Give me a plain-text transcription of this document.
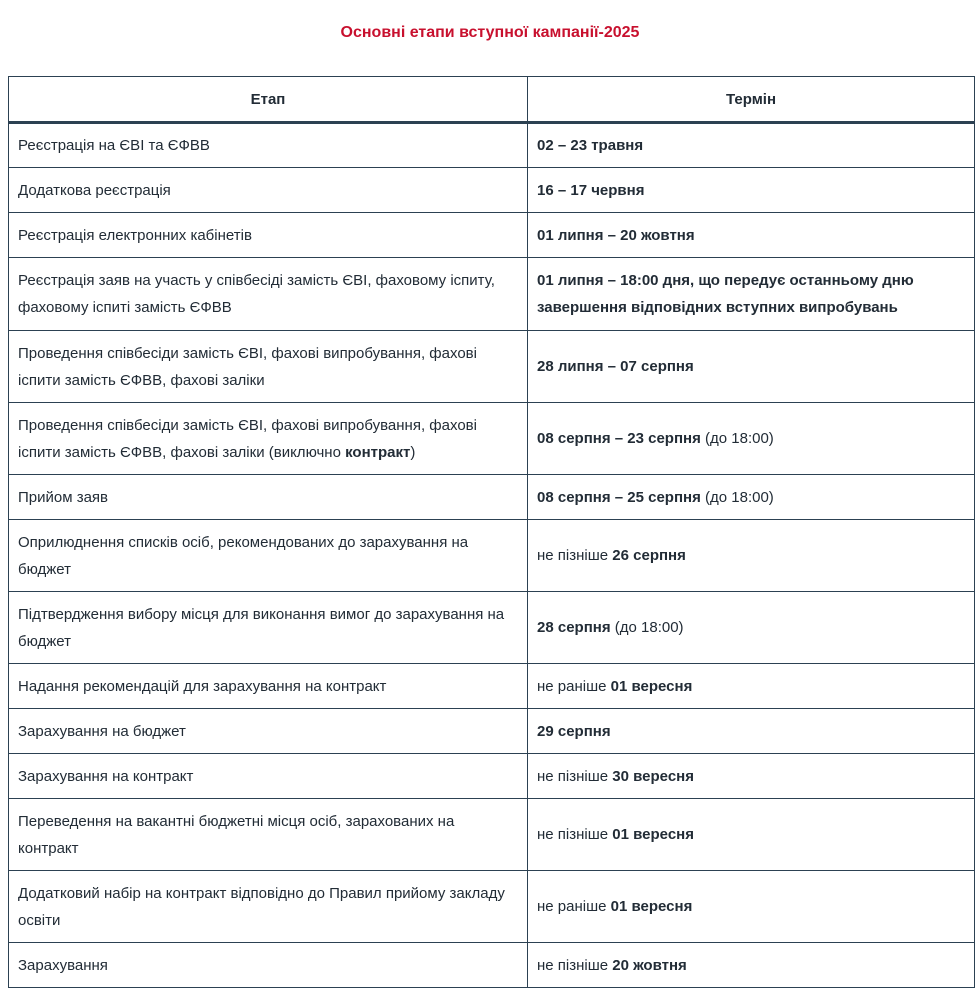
Основні етапи вступної кампанії-2025
Етап	Термін
Реєстрація на ЄВІ та ЄФВВ	02 – 23 травня
Додаткова реєстрація	16 – 17 червня
Реєстрація електронних кабінетів	01 липня – 20 жовтня
Реєстрація заяв на участь у співбесіді замість ЄВІ, фаховому іспиту, фаховому іспиті замість ЄФВВ	01 липня – 18:00 дня, що передує останньому дню завершення відповідних вступних випробувань
Проведення співбесіди замість ЄВІ, фахові випробування, фахові іспити замість ЄФВВ, фахові заліки	28 липня – 07 серпня
Проведення співбесіди замість ЄВІ, фахові випробування, фахові іспити замість ЄФВВ, фахові заліки (виключно контракт)	08 серпня – 23 серпня (до 18:00)
Прийом заяв	08 серпня – 25 серпня (до 18:00)
Оприлюднення списків осіб, рекомендованих до зарахування на бюджет	не пізніше 26 серпня
Підтвердження вибору місця для виконання вимог до зарахування на бюджет	28 серпня (до 18:00)
Надання рекомендацій для зарахування на контракт	не раніше 01 вересня
Зарахування на бюджет	29 серпня
Зарахування на контракт	не пізніше 30 вересня
Переведення на вакантні бюджетні місця осіб, зарахованих на контракт	не пізніше 01 вересня
Додатковий набір на контракт відповідно до Правил прийому закладу освіти	не раніше 01 вересня
Зарахування	не пізніше 20 жовтня
